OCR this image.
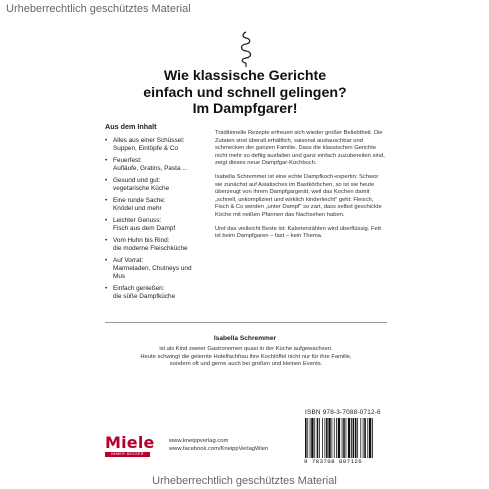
Urheberrechtlich geschütztes Material
Wie klassische Gerichte
einfach und schnell gelingen?
Im Dampfgarer!
Aus dem Inhalt
• Alles aus einer Schüssel:
Suppen, Eintöpfe & Co
• Feuerfest:
Aufläufe, Gratins, Pasta ...
• Gesund und gut:
vegetarische Küche
• Eine runde Sache:
Knödel und mehr
• Leichter Genuss:
Fisch aus dem Dampf
• Vom Huhn bis Rind:
die moderne Fleischküche
• Auf Vorrat:
Marmeladen, Chutneys und Mus
• Einfach genießen:
die süße Dampfküche

Traditionelle Rezepte erfreuen sich wieder großer Beliebtheit. Die Zutaten sind überall erhältlich, saisonal austauschbar und schmecken der ganzen Familie. Dass die klassischen Gerichte nicht mehr so deftig ausfallen und ganz einfach zuzubereiten sind, zeigt dieses neue Dampfgar-Kochbuch.

Isabella Schremmer ist eine echte Dampfkoch-expertin: Schwor sie zunächst auf Asiatisches im Bastkörbchen, so ist sie heute überzeugt von ihrem Dampfgargerät, weil das Kochen damit „schnell, unkompliziert und wirklich kinderleicht" geht: Fleisch, Fisch & Co werden „unter Dampf" so zart, dass selbst geschickte Köche mit neißen Pfannen das Nachsehen haben.

Und das vielleicht Beste ist: Kalorienzählen wird überflüssig. Fett ist beim Dampfgaren – fast – kein Thema.

Isabella Schremmer
ist als Kind zweier Gastronomen quasi in der Küche aufgewachsen.
Heute schwingt die gelernte Hotelfachfrau ihre Kochlöffel nicht nur für ihre Familie,
sondern oft und gerne auch bei großen und kleinen Events.
ISBN 978-3-7088-0712-6
Miele
IMMER BESSER
www.kneippverlag.com
www.facebook.com/KneippVerlagWien
9 783708 807126
Urheberrechtlich geschütztes Material
